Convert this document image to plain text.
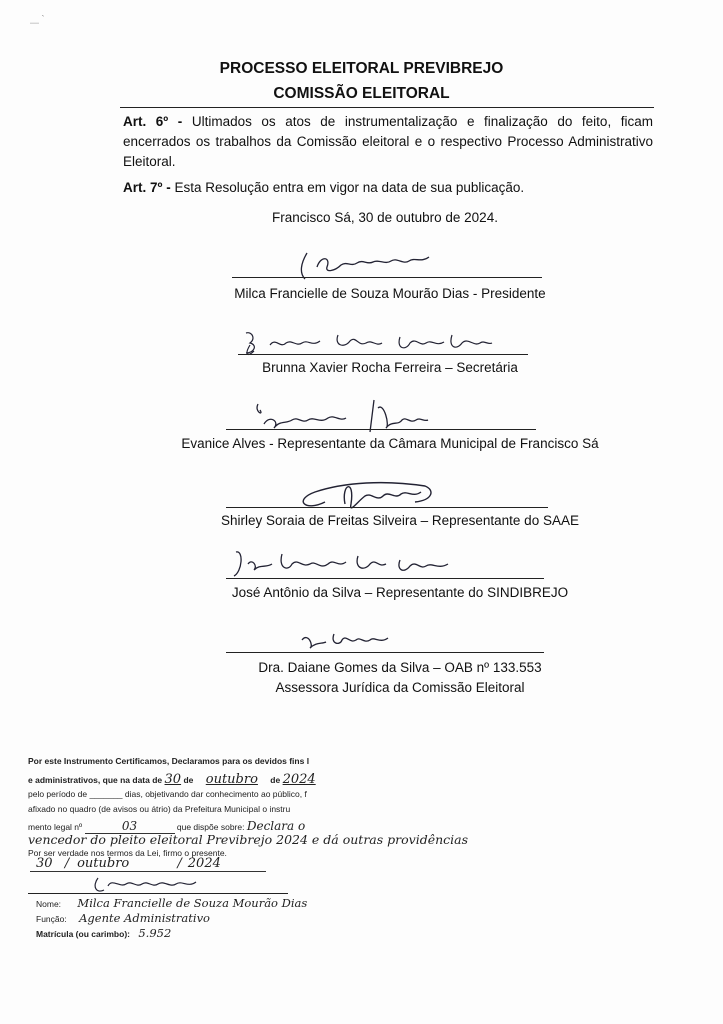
⸏ `
PROCESSO ELEITORAL PREVIBREJO
COMISSÃO ELEITORAL
Art. 6º - Ultimados os atos de instrumentalização e finalização do feito, ficam encerrados os trabalhos da Comissão eleitoral e o respectivo Processo Administrativo Eleitoral.
Art. 7º - Esta Resolução entra em vigor na data de sua publicação.
Francisco Sá, 30 de outubro de 2024.
Milca Francielle de Souza Mourão Dias - Presidente
Brunna Xavier Rocha Ferreira – Secretária
Evanice Alves - Representante da Câmara Municipal de Francisco Sá
Shirley Soraia de Freitas Silveira – Representante do SAAE
José Antônio da Silva – Representante do SINDIBREJO
Dra. Daiane Gomes da Silva – OAB nº 133.553
Assessora Jurídica da Comissão Eleitoral
Por este Instrumento Certificamos, Declaramos para os devidos fins l
e administrativos, que na data de 30 de outubro de 2024
pelo período de _______ dias, objetivando dar conhecimento ao público, f
afixado no quadro (de avisos ou átrio) da Prefeitura Municipal o instru
mento legal nº	03	que dispõe sobre: Declara o
vencedor do pleito eleitoral Previbrejo 2024 e dá outras providências
Por ser verdade nos termos da Lei, firmo o presente.
30 / outubro	/ 2024
Nome: Milca Francielle de Souza Mourão Dias
Função: Agente Administrativo
Matrícula (ou carimbo): 5.952
